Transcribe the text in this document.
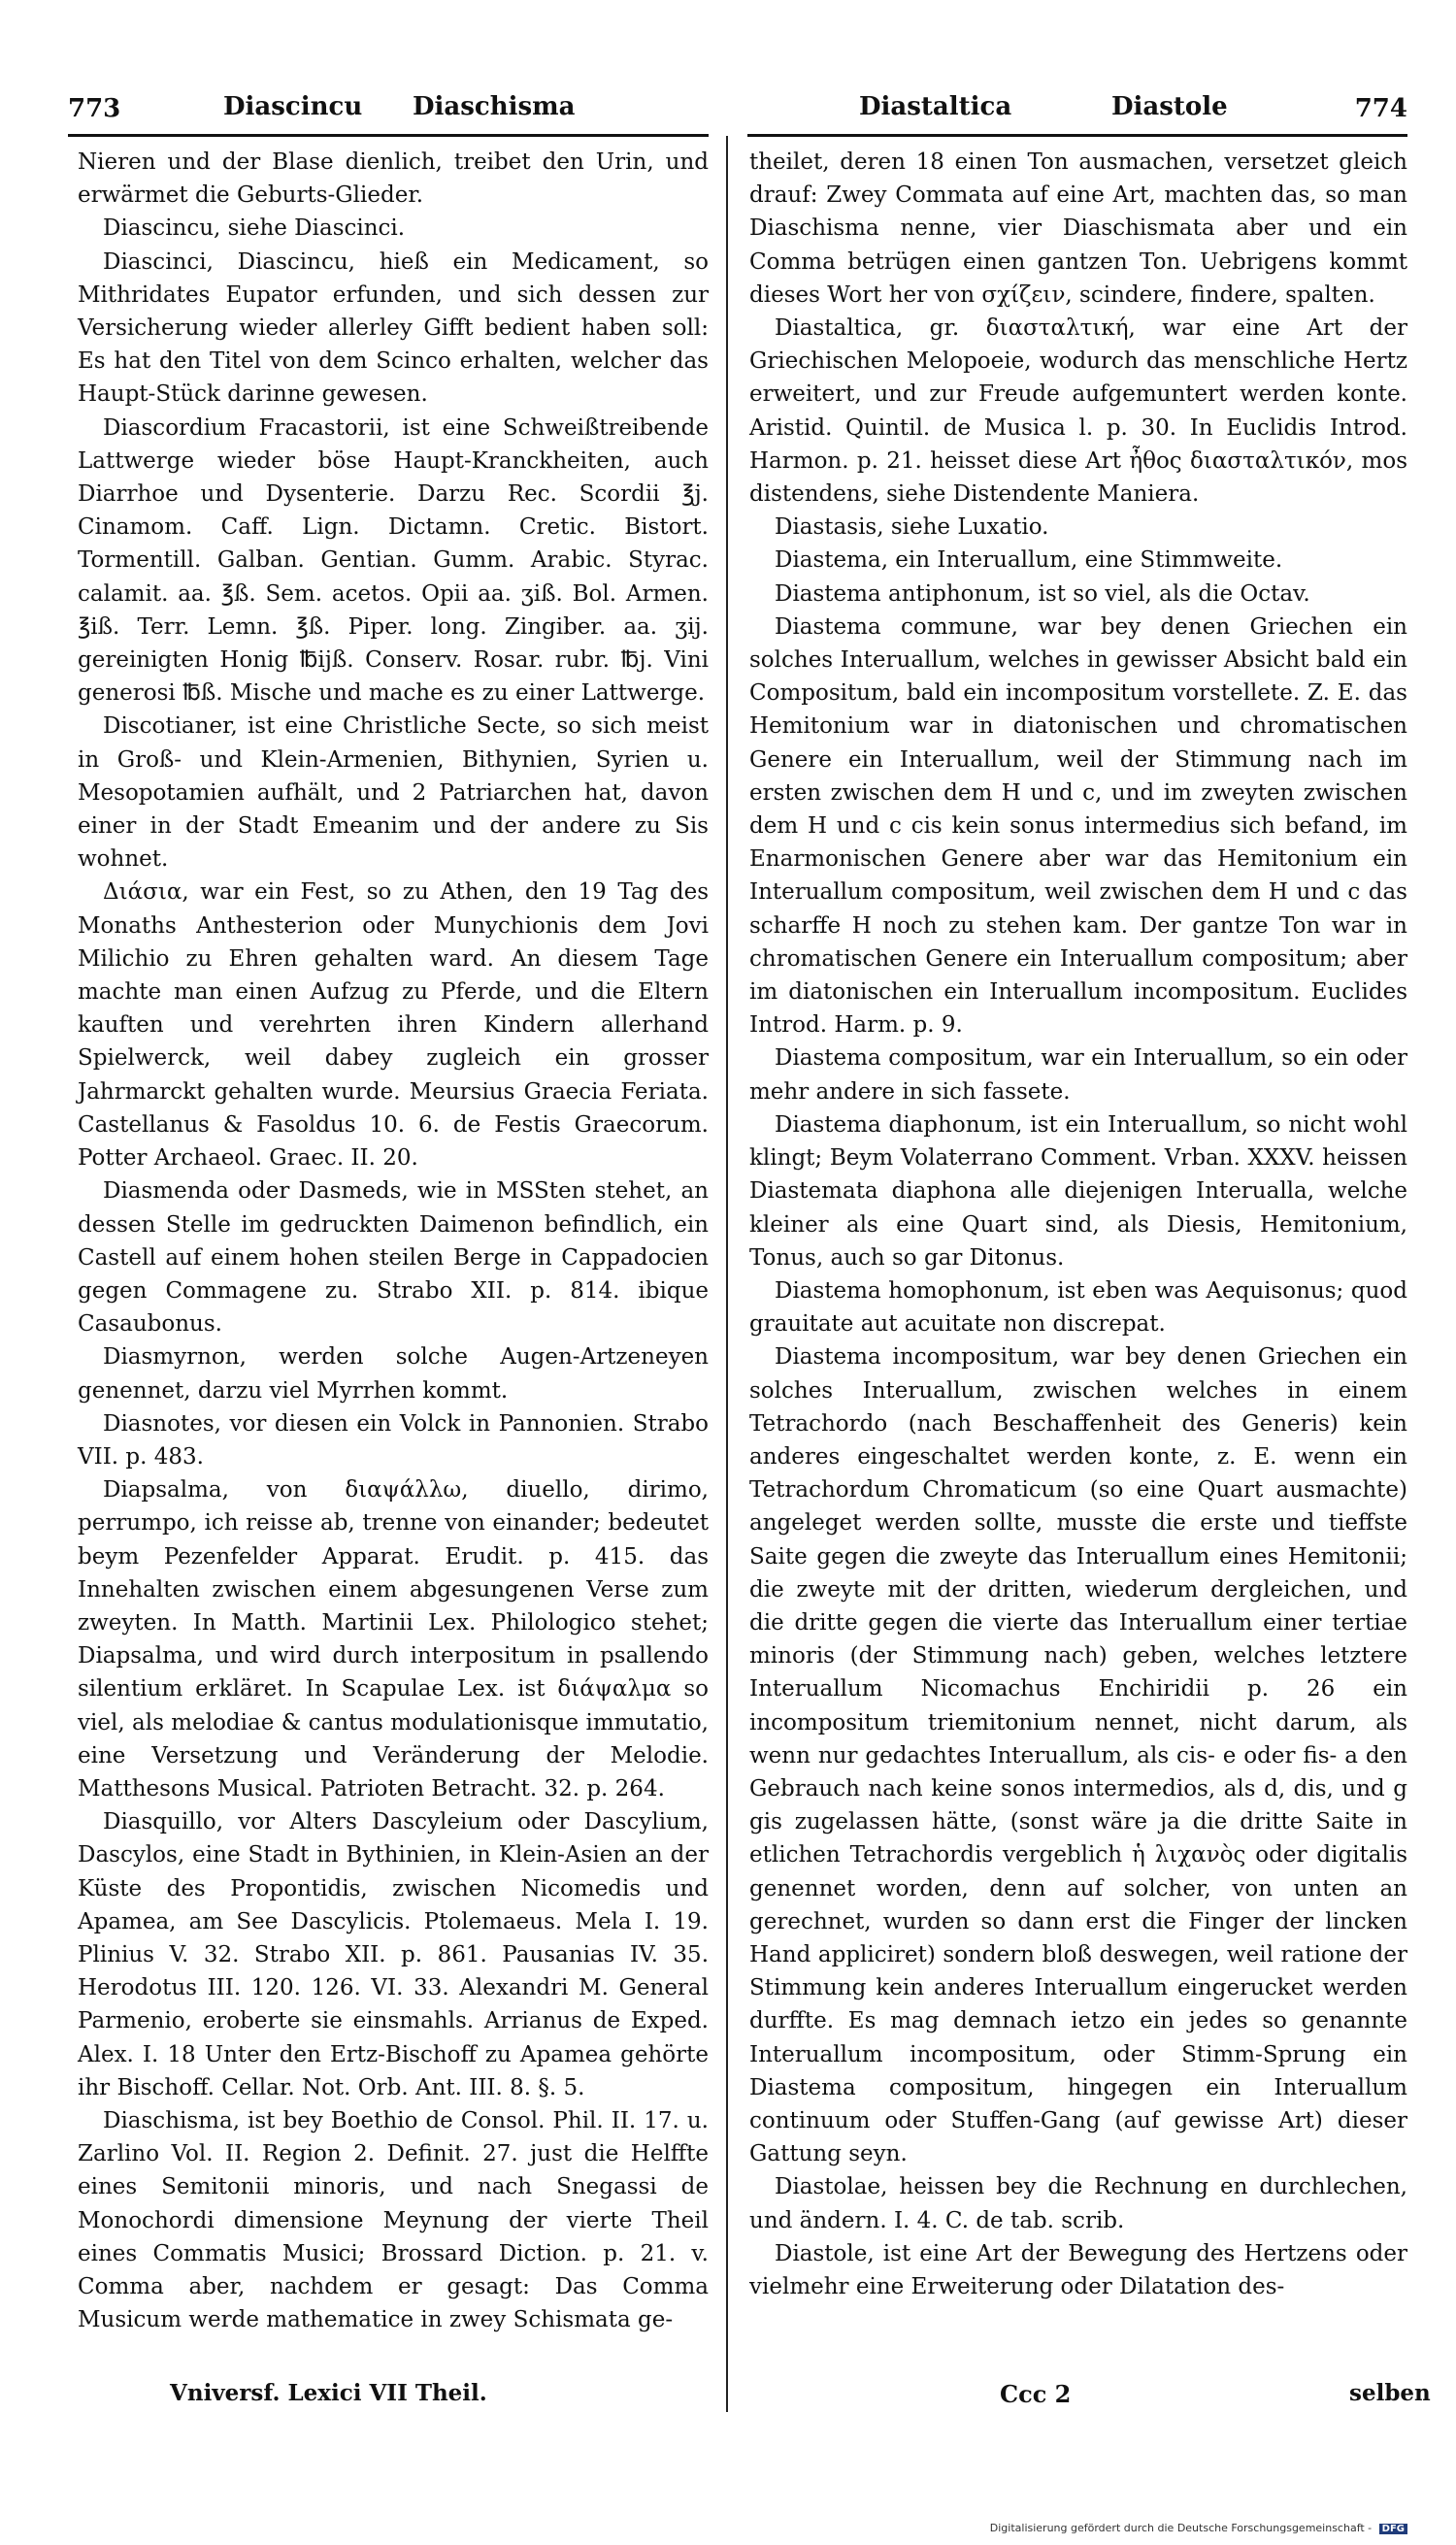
773	Diascincu Diaschisma	Diastaltica	Diastole	774

Nieren und der Blase dienlich, treibet den Urin, und erwärmet die Geburts-Glieder.

Diascincu, siehe Diascinci.

Diascinci, Diascincu, hieß ein Medicament, so Mithridates Eupator erfunden, und sich dessen zur Versicherung wieder allerley Gifft bedient haben soll: Es hat den Titel von dem Scinco erhalten, welcher das Haupt-Stück darinne gewesen.

Diascordium Fracastorii, ist eine Schweißtreibende Lattwerge wieder böse Haupt-Kranckheiten, auch Diarrhoe und Dysenterie. Darzu Rec. Scordii ℥j. Cinamom. Caff. Lign. Dictamn. Cretic. Bistort. Tormentill. Galban. Gentian. Gumm. Arabic. Styrac. calamit. aa. ℥ß. Sem. acetos. Opii aa. ʒiß. Bol. Armen. ℥iß. Terr. Lemn. ℥ß. Piper. long. Zingiber. aa. ʒij. gereinigten Honig ℔ijß. Conserv. Rosar. rubr. ℔j. Vini generosi ℔ß. Mische und mache es zu einer Lattwerge.

Discotianer, ist eine Christliche Secte, so sich meist in Groß- und Klein-Armenien, Bithynien, Syrien u. Mesopotamien aufhält, und 2 Patriarchen hat, davon einer in der Stadt Emeanim und der andere zu Sis wohnet.

Διάσια, war ein Fest, so zu Athen, den 19 Tag des Monaths Anthesterion oder Munychionis dem Jovi Milichio zu Ehren gehalten ward. An diesem Tage machte man einen Aufzug zu Pferde, und die Eltern kauften und verehrten ihren Kindern allerhand Spielwerck, weil dabey zugleich ein grosser Jahrmarckt gehalten wurde. Meursius Graecia Feriata. Castellanus & Fasoldus 10. 6. de Festis Graecorum. Potter Archaeol. Graec. II. 20.

Diasmenda oder Dasmeds, wie in MSSten stehet, an dessen Stelle im gedruckten Daimenon befindlich, ein Castell auf einem hohen steilen Berge in Cappadocien gegen Commagene zu. Strabo XII. p. 814. ibique Casaubonus.

Diasmyrnon, werden solche Augen-Artzeneyen genennet, darzu viel Myrrhen kommt.

Diasnotes, vor diesen ein Volck in Pannonien. Strabo VII. p. 483.

Diapsalma, von διαψάλλω, diuello, dirimo, perrumpo, ich reisse ab, trenne von einander; bedeutet beym Pezenfelder Apparat. Erudit. p. 415. das Innehalten zwischen einem abgesungenen Verse zum zweyten. In Matth. Martinii Lex. Philologico stehet; Diapsalma, und wird durch interpositum in psallendo silentium erkläret. In Scapulae Lex. ist διάψαλμα so viel, als melodiae & cantus modulationisque immutatio, eine Versetzung und Veränderung der Melodie. Matthesons Musical. Patrioten Betracht. 32. p. 264.

Diasquillo, vor Alters Dascyleium oder Dascylium, Dascylos, eine Stadt in Bythinien, in Klein-Asien an der Küste des Propontidis, zwischen Nicomedis und Apamea, am See Dascylicis. Ptolemaeus. Mela I. 19. Plinius V. 32. Strabo XII. p. 861. Pausanias IV. 35. Herodotus III. 120. 126. VI. 33. Alexandri M. General Parmenio, eroberte sie einsmahls. Arrianus de Exped. Alex. I. 18 Unter den Ertz-Bischoff zu Apamea gehörte ihr Bischoff. Cellar. Not. Orb. Ant. III. 8. §. 5.

Diaschisma, ist bey Boethio de Consol. Phil. II. 17. u. Zarlino Vol. II. Region 2. Definit. 27. just die Helffte eines Semitonii minoris, und nach Snegassi de Monochordi dimensione Meynung der vierte Theil eines Commatis Musici; Brossard Diction. p. 21. v. Comma aber, nachdem er gesagt: Das Comma Musicum werde mathematice in zwey Schismata ge-

theilet, deren 18 einen Ton ausmachen, versetzet gleich drauf: Zwey Commata auf eine Art, machten das, so man Diaschisma nenne, vier Diaschismata aber und ein Comma betrügen einen gantzen Ton. Uebrigens kommt dieses Wort her von σχίζειν, scindere, findere, spalten.

Diastaltica, gr. διασταλτική, war eine Art der Griechischen Melopoeie, wodurch das menschliche Hertz erweitert, und zur Freude aufgemuntert werden konte. Aristid. Quintil. de Musica l. p. 30. In Euclidis Introd. Harmon. p. 21. heisset diese Art ἦθος διασταλτικόν, mos distendens, siehe Distendente Maniera.

Diastasis, siehe Luxatio.

Diastema, ein Interuallum, eine Stimmweite.

Diastema antiphonum, ist so viel, als die Octav.

Diastema commune, war bey denen Griechen ein solches Interuallum, welches in gewisser Absicht bald ein Compositum, bald ein incompositum vorstellete. Z. E. das Hemitonium war in diatonischen und chromatischen Genere ein Interuallum, weil der Stimmung nach im ersten zwischen dem H und c, und im zweyten zwischen dem H und c cis kein sonus intermedius sich befand, im Enarmonischen Genere aber war das Hemitonium ein Interuallum compositum, weil zwischen dem H und c das scharffe H noch zu stehen kam. Der gantze Ton war in chromatischen Genere ein Interuallum compositum; aber im diatonischen ein Interuallum incompositum. Euclides Introd. Harm. p. 9.

Diastema compositum, war ein Interuallum, so ein oder mehr andere in sich fassete.

Diastema diaphonum, ist ein Interuallum, so nicht wohl klingt; Beym Volaterrano Comment. Vrban. XXXV. heissen Diastemata diaphona alle diejenigen Interualla, welche kleiner als eine Quart sind, als Diesis, Hemitonium, Tonus, auch so gar Ditonus.

Diastema homophonum, ist eben was Aequisonus; quod grauitate aut acuitate non discrepat.

Diastema incompositum, war bey denen Griechen ein solches Interuallum, zwischen welches in einem Tetrachordo (nach Beschaffenheit des Generis) kein anderes eingeschaltet werden konte, z. E. wenn ein Tetrachordum Chromaticum (so eine Quart ausmachte) angeleget werden sollte, musste die erste und tieffste Saite gegen die zweyte das Interuallum eines Hemitonii; die zweyte mit der dritten, wiederum dergleichen, und die dritte gegen die vierte das Interuallum einer tertiae minoris (der Stimmung nach) geben, welches letztere Interuallum Nicomachus Enchiridii p. 26 ein incompositum triemitonium nennet, nicht darum, als wenn nur gedachtes Interuallum, als cis- e oder fis- a den Gebrauch nach keine sonos intermedios, als d, dis, und g gis zugelassen hätte, (sonst wäre ja die dritte Saite in etlichen Tetrachordis vergeblich ἡ λιχανὸς oder digitalis genennet worden, denn auf solcher, von unten an gerechnet, wurden so dann erst die Finger der lincken Hand appliciret) sondern bloß deswegen, weil ratione der Stimmung kein anderes Interuallum eingerucket werden durffte. Es mag demnach ietzo ein jedes so genannte Interuallum incompositum, oder Stimm-Sprung ein Diastema compositum, hingegen ein Interuallum continuum oder Stuffen-Gang (auf gewisse Art) dieser Gattung seyn.

Diastolae, heissen bey die Rechnung en durchlechen, und ändern. I. 4. C. de tab. scrib.

Diastole, ist eine Art der Bewegung des Hertzens oder vielmehr eine Erweiterung oder Dilatation des-

Vniversf. Lexici VII Theil.	Ccc 2	selben
Digitalisierung gefördert durch die Deutsche Forschungsgemeinschaft - DFG
